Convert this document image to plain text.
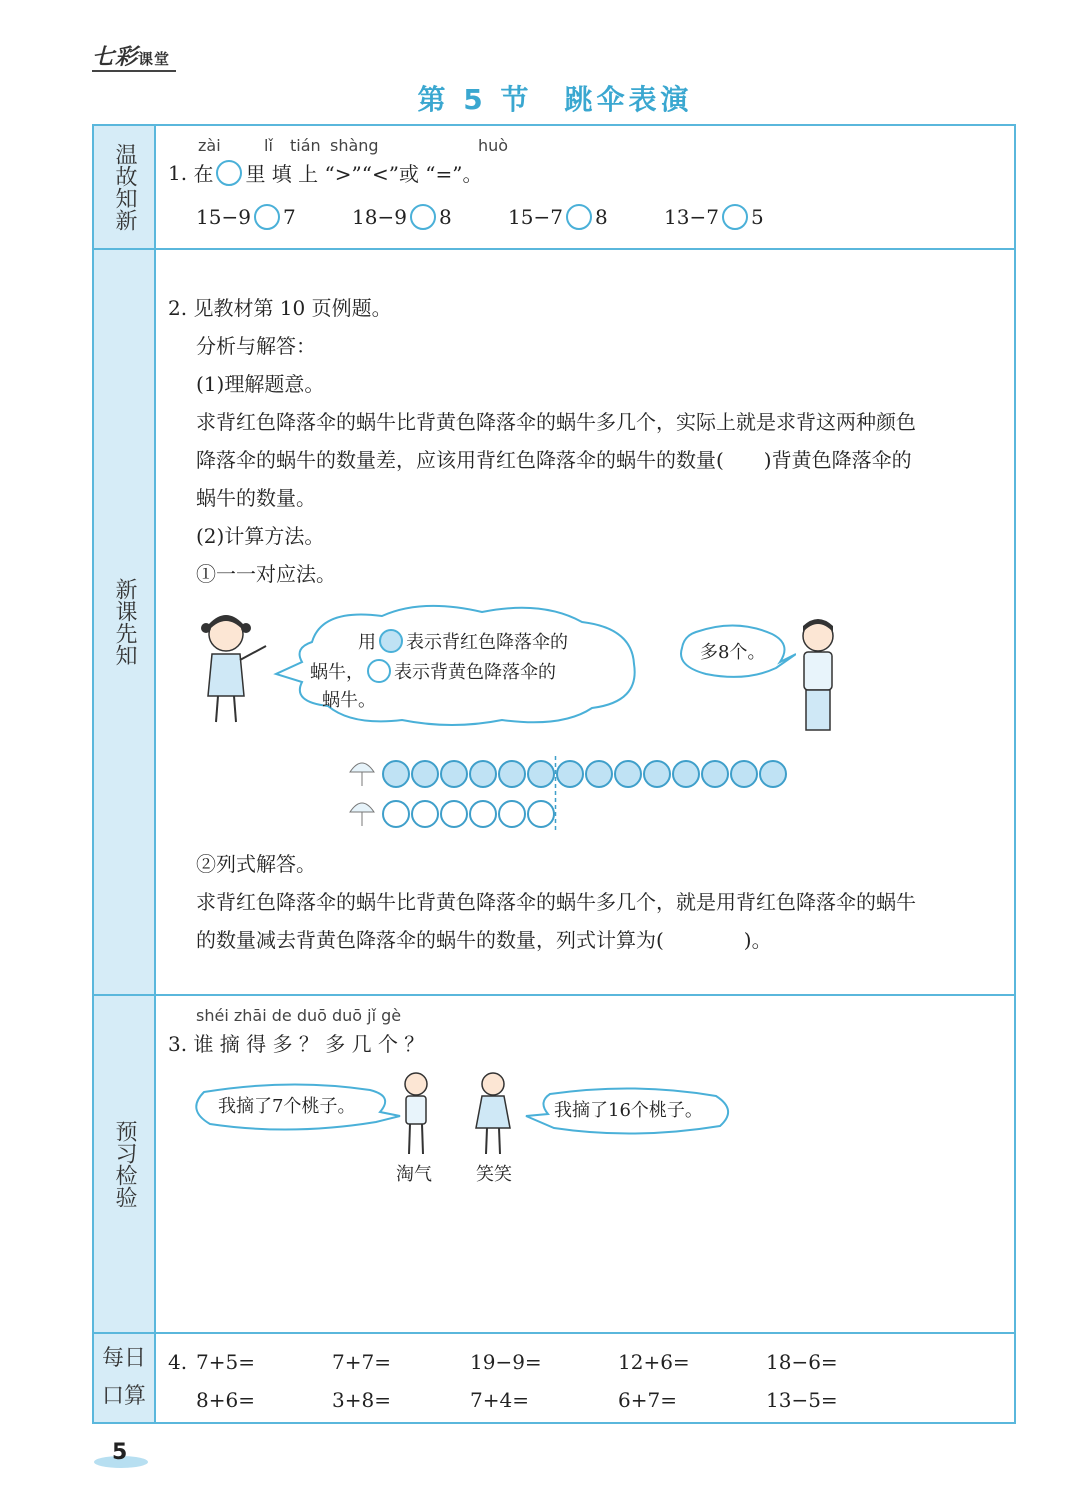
七彩课堂
第 5 节　跳伞表演
温故知新
新课先知
预习检验
每日
口算
zài	lǐ tián shàng	huò
1.
在 里 填 上 “>”“<”或 “=”。
15−9 7	18−9 8	15−7 8	13−7 5
2. 见教材第 10 页例题。
分析与解答：
(1)理解题意。
求背红色降落伞的蜗牛比背黄色降落伞的蜗牛多几个，实际上就是求背这两种颜色
降落伞的蜗牛的数量差，应该用背红色降落伞的蜗牛的数量(　　)背黄色降落伞的
蜗牛的数量。
(2)计算方法。
①一一对应法。
用 表示背红色降落伞的
蜗牛， 表示背黄色降落伞的
蜗牛。
多8个。
②列式解答。
求背红色降落伞的蜗牛比背黄色降落伞的蜗牛多几个，就是用背红色降落伞的蜗牛
的数量减去背黄色降落伞的蜗牛的数量，列式计算为(　　　　)。
shéi zhāi de duō duō jǐ gè
3. 谁 摘 得 多 ？ 多 几 个 ？
我摘了7个桃子。
淘气 笑笑
我摘了16个桃子。
4. 7+5=	7+7=	19−9=	12+6=	18−6=
8+6=	3+8=	7+4=	6+7=	13−5=
5
